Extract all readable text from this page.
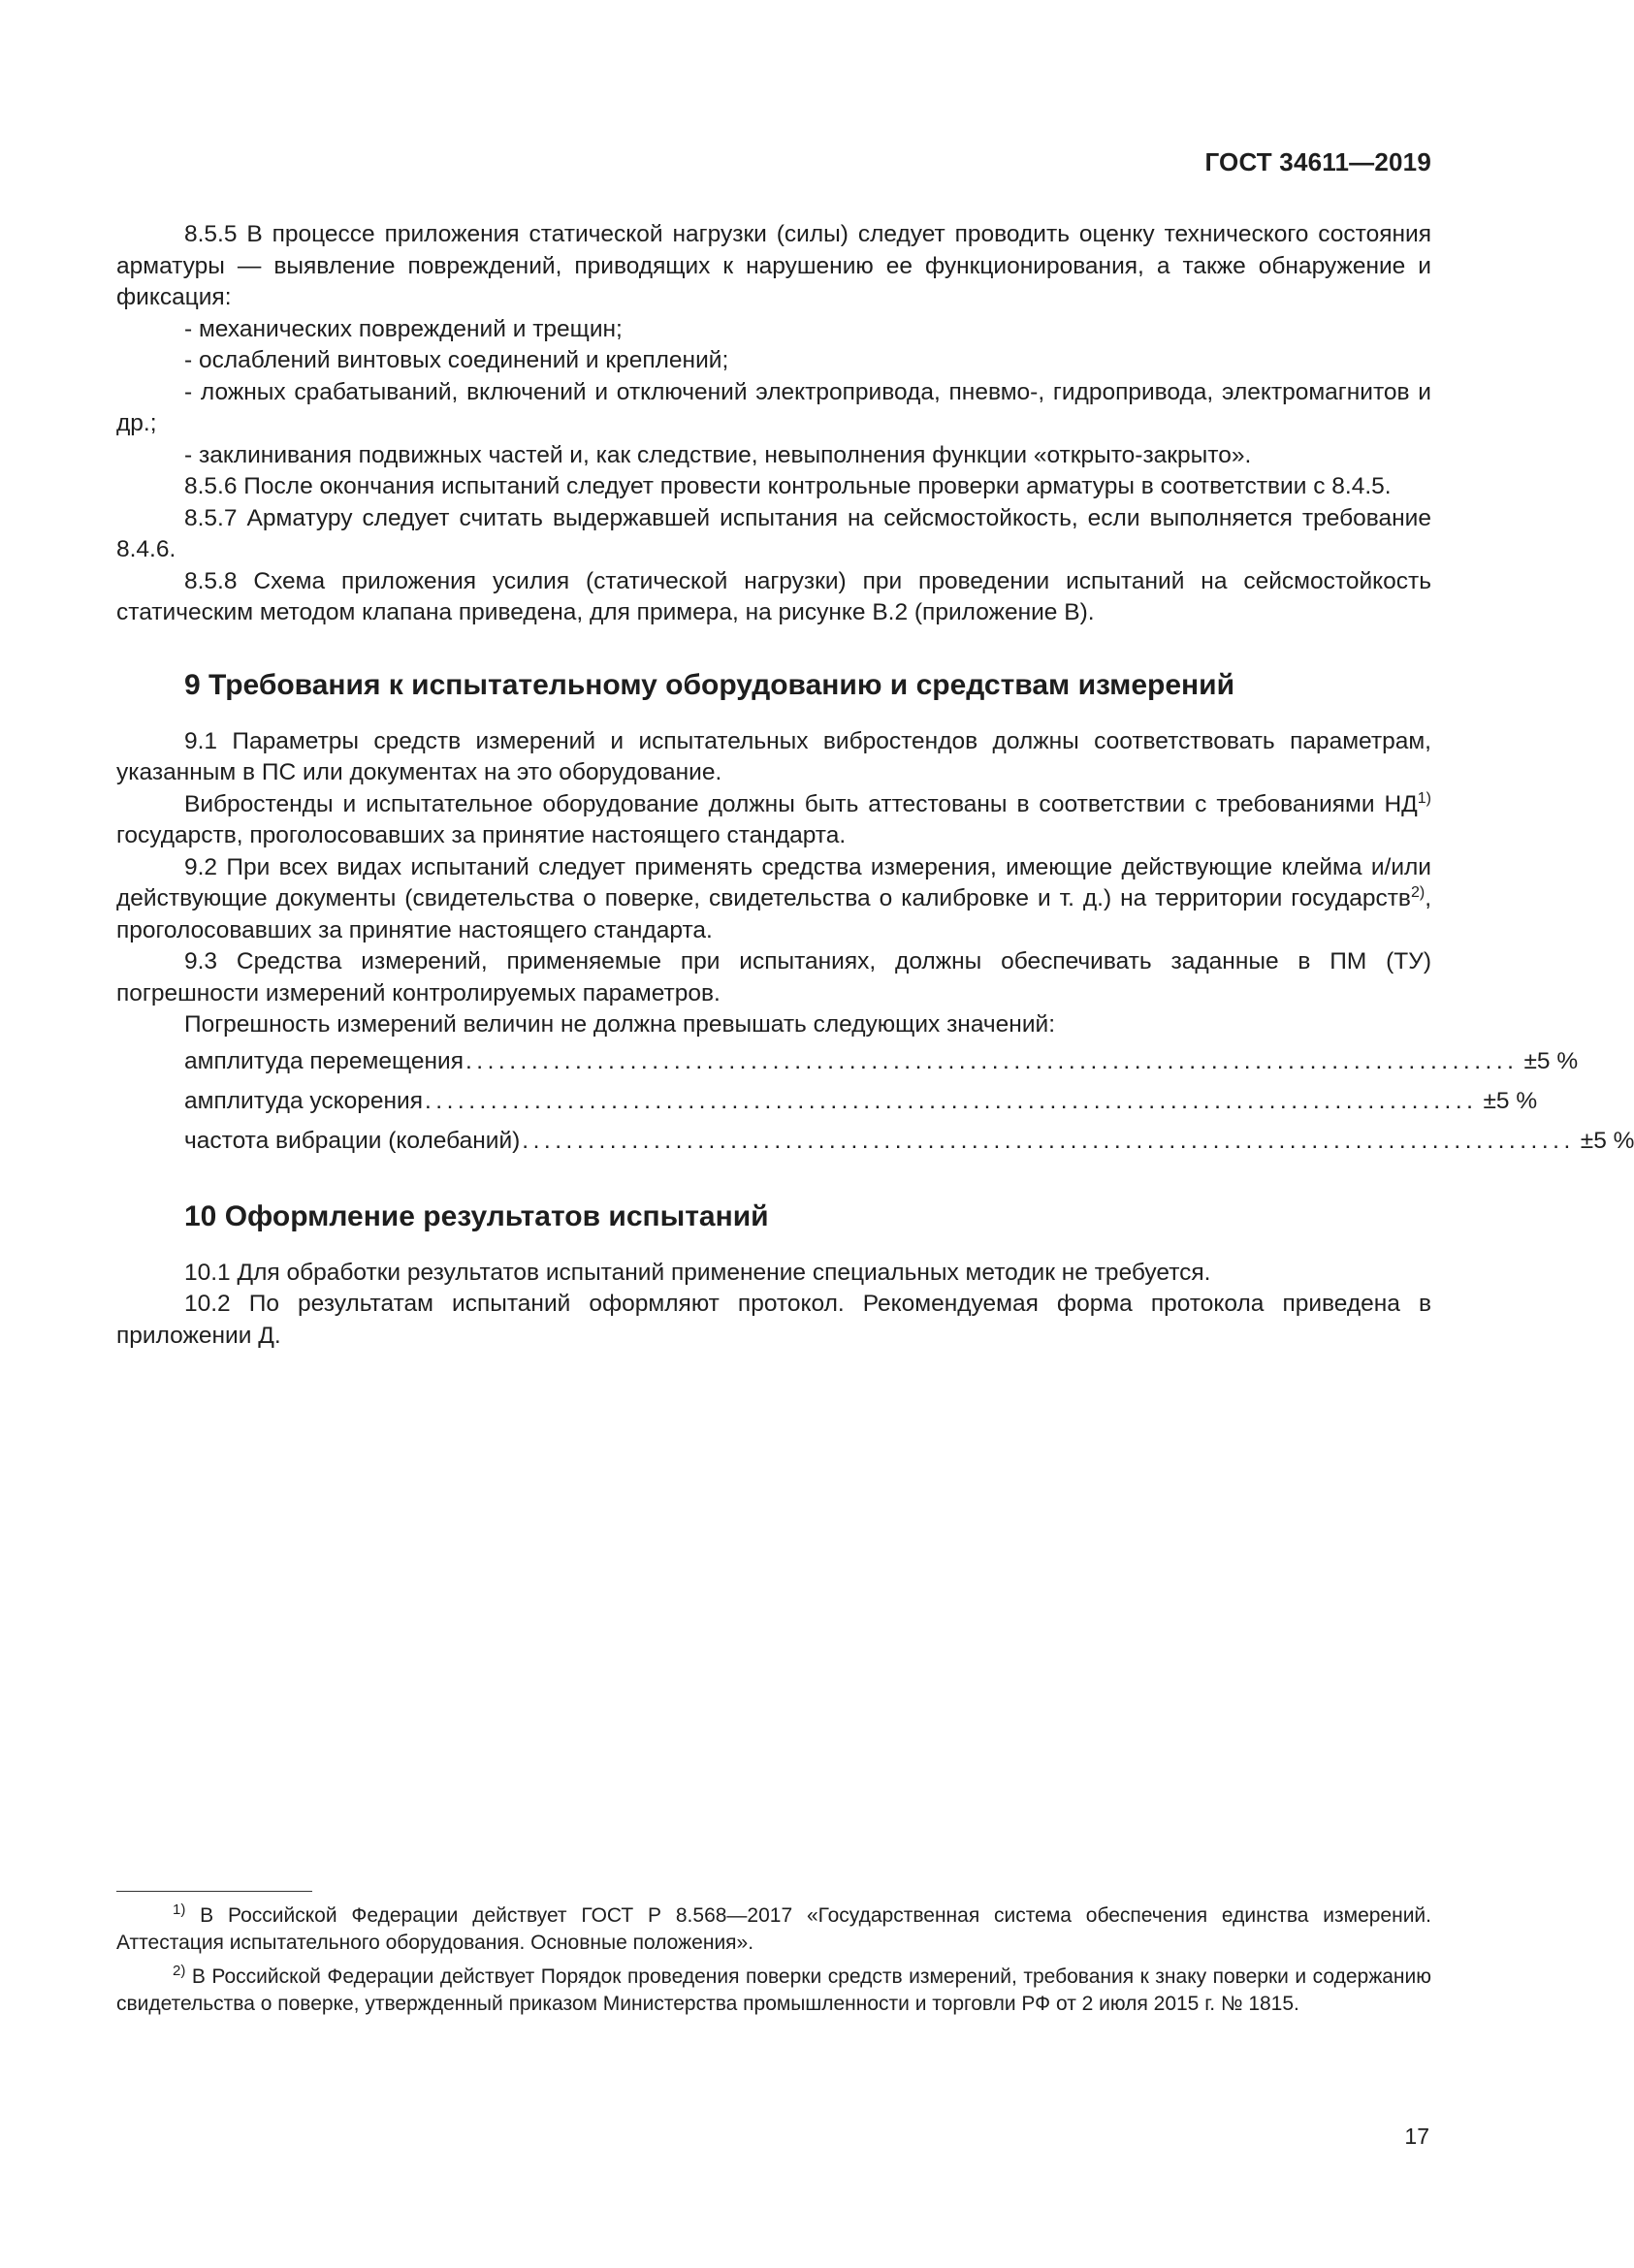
ГОСТ 34611—2019

8.5.5 В процессе приложения статической нагрузки (силы) следует проводить оценку технического состояния арматуры — выявление повреждений, приводящих к нарушению ее функционирования, а также обнаружение и фиксация:

- механических повреждений и трещин;

- ослаблений винтовых соединений и креплений;

- ложных срабатываний, включений и отключений электропривода, пневмо-, гидропривода, электромагнитов и др.;

- заклинивания подвижных частей и, как следствие, невыполнения функции «открыто-закрыто».

8.5.6 После окончания испытаний следует провести контрольные проверки арматуры в соответствии с 8.4.5.

8.5.7 Арматуру следует считать выдержавшей испытания на сейсмостойкость, если выполняется требование 8.4.6.

8.5.8 Схема приложения усилия (статической нагрузки) при проведении испытаний на сейсмостойкость статическим методом клапана приведена, для примера, на рисунке В.2 (приложение В).

9 Требования к испытательному оборудованию и средствам измерений

9.1 Параметры средств измерений и испытательных вибростендов должны соответствовать параметрам, указанным в ПС или документах на это оборудование.

Вибростенды и испытательное оборудование должны быть аттестованы в соответствии с требованиями НД$^{1)}$ государств, проголосовавших за принятие настоящего стандарта.

9.2 При всех видах испытаний следует применять средства измерения, имеющие действующие клейма и/или действующие документы (свидетельства о поверке, свидетельства о калибровке и т. д.) на территории государств$^{2)}$, проголосовавших за принятие настоящего стандарта.

9.3 Средства измерений, применяемые при испытаниях, должны обеспечивать заданные в ПМ (ТУ) погрешности измерений контролируемых параметров.

Погрешность измерений величин не должна превышать следующих значений:

амплитуда перемещения ................................................................................................ ±5 %
амплитуда ускорения ................................................................................................ ±5 %
частота вибрации (колебаний) ................................................................................................ ±5 %
10 Оформление результатов испытаний

10.1 Для обработки результатов испытаний применение специальных методик не требуется.

10.2 По результатам испытаний оформляют протокол. Рекомендуемая форма протокола приведена в приложении Д.

$^{1)}$ В Российской Федерации действует ГОСТ Р 8.568—2017 «Государственная система обеспечения единства измерений. Аттестация испытательного оборудования. Основные положения».

$^{2)}$ В Российской Федерации действует Порядок проведения поверки средств измерений, требования к знаку поверки и содержанию свидетельства о поверке, утвержденный приказом Министерства промышленности и торговли РФ от 2 июля 2015 г. № 1815.

17
